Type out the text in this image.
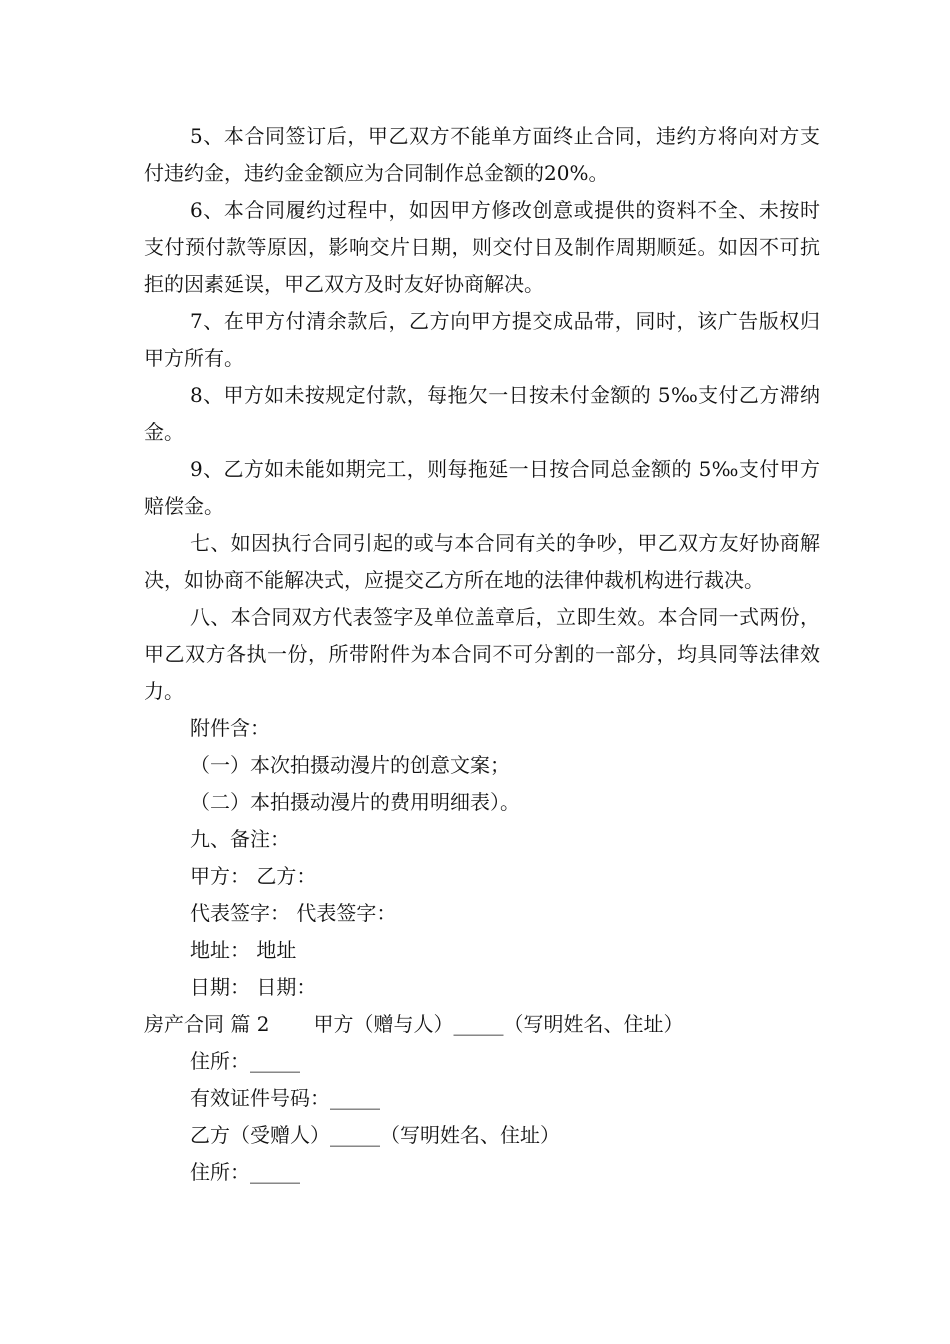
5、本合同签订后，甲乙双方不能单方面终止合同，违约方将向对方支付违约金，违约金金额应为合同制作总金额的20%。

6、本合同履约过程中，如因甲方修改创意或提供的资料不全、未按时支付预付款等原因，影响交片日期，则交付日及制作周期顺延。如因不可抗拒的因素延误，甲乙双方及时友好协商解决。

7、在甲方付清余款后，乙方向甲方提交成品带，同时，该广告版权归甲方所有。

8、甲方如未按规定付款，每拖欠一日按未付金额的 5‰支付乙方滞纳金。

9、乙方如未能如期完工，则每拖延一日按合同总金额的 5‰支付甲方赔偿金。

七、如因执行合同引起的或与本合同有关的争吵，甲乙双方友好协商解决，如协商不能解决式，应提交乙方所在地的法律仲裁机构进行裁决。

八、本合同双方代表签字及单位盖章后，立即生效。本合同一式两份，甲乙双方各执一份，所带附件为本合同不可分割的一部分，均具同等法律效力。

附件含：

（一）本次拍摄动漫片的创意文案；

（二）本拍摄动漫片的费用明细表）。

九、备注：

甲方： 乙方：

代表签字： 代表签字：

地址： 地址

日期： 日期：

房产合同 篇 2 甲方（赠与人）_____（写明姓名、住址）

住所：_____

有效证件号码：_____

乙方（受赠人）_____（写明姓名、住址）

住所：_____
